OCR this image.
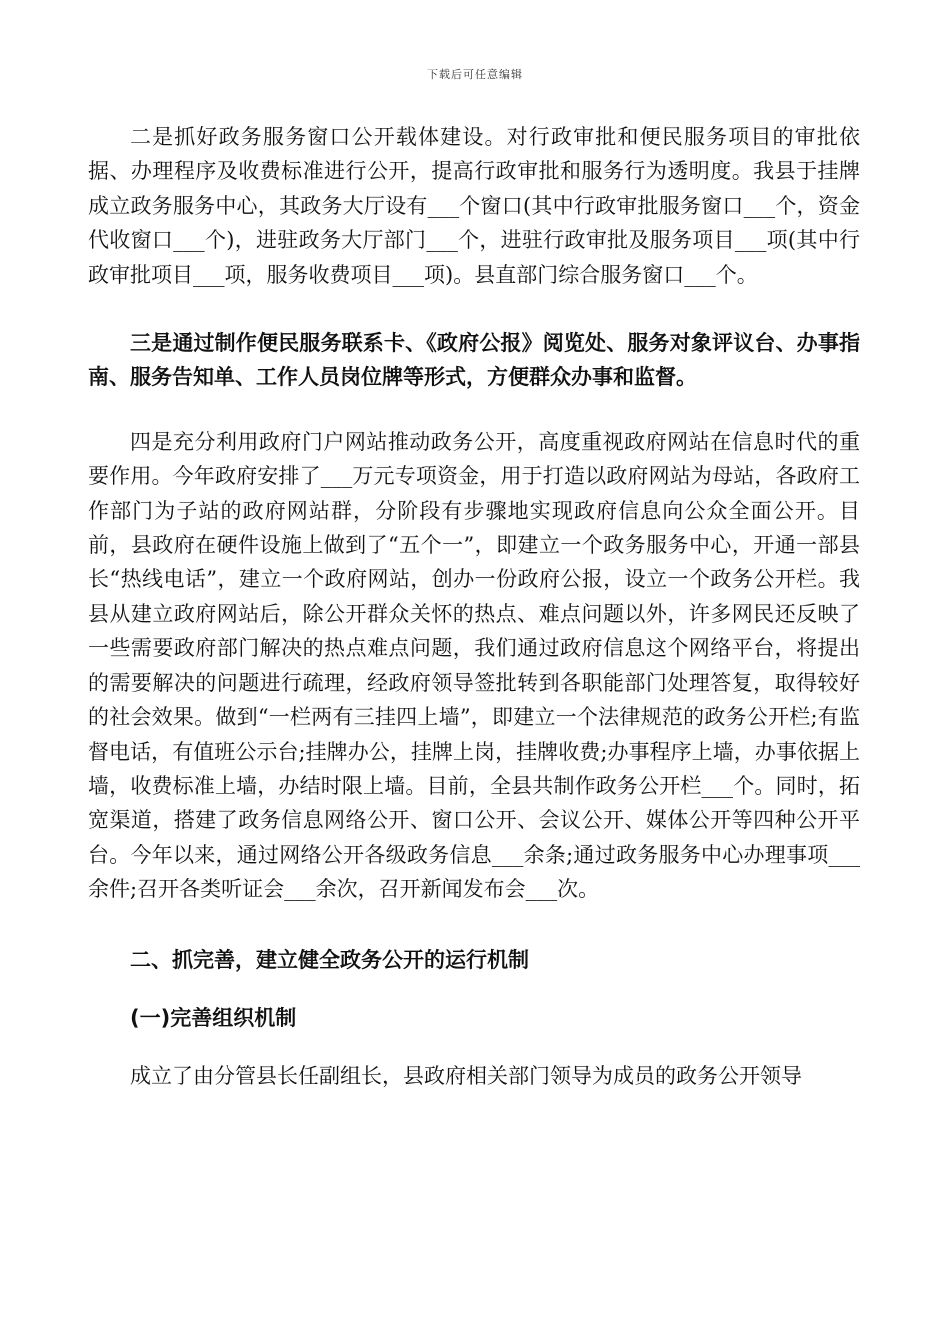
下载后可任意编辑

二是抓好政务服务窗口公开载体建设。对行政审批和便民服务项目的审批依据、办理程序及收费标准进行公开，提高行政审批和服务行为透明度。我县于挂牌成立政务服务中心，其政务大厅设有___个窗口(其中行政审批服务窗口___个，资金代收窗口___个)，进驻政务大厅部门___个，进驻行政审批及服务项目___项(其中行政审批项目___项，服务收费项目___项)。县直部门综合服务窗口___个。

三是通过制作便民服务联系卡、《政府公报》阅览处、服务对象评议台、办事指南、服务告知单、工作人员岗位牌等形式，方便群众办事和监督。

四是充分利用政府门户网站推动政务公开，高度重视政府网站在信息时代的重要作用。今年政府安排了___万元专项资金，用于打造以政府网站为母站，各政府工作部门为子站的政府网站群，分阶段有步骤地实现政府信息向公众全面公开。目前，县政府在硬件设施上做到了“五个一”，即建立一个政务服务中心，开通一部县长“热线电话”，建立一个政府网站，创办一份政府公报，设立一个政务公开栏。我县从建立政府网站后，除公开群众关怀的热点、难点问题以外，许多网民还反映了一些需要政府部门解决的热点难点问题，我们通过政府信息这个网络平台，将提出的需要解决的问题进行疏理，经政府领导签批转到各职能部门处理答复，取得较好的社会效果。做到“一栏两有三挂四上墙”，即建立一个法律规范的政务公开栏;有监督电话，有值班公示台;挂牌办公，挂牌上岗，挂牌收费;办事程序上墙，办事依据上墙，收费标准上墙，办结时限上墙。目前，全县共制作政务公开栏___个。同时，拓宽渠道，搭建了政务信息网络公开、窗口公开、会议公开、媒体公开等四种公开平台。今年以来，通过网络公开各级政务信息___余条;通过政务服务中心办理事项___余件;召开各类听证会___余次，召开新闻发布会___次。

二、抓完善，建立健全政务公开的运行机制

(一)完善组织机制

成立了由分管县长任副组长，县政府相关部门领导为成员的政务公开领导
